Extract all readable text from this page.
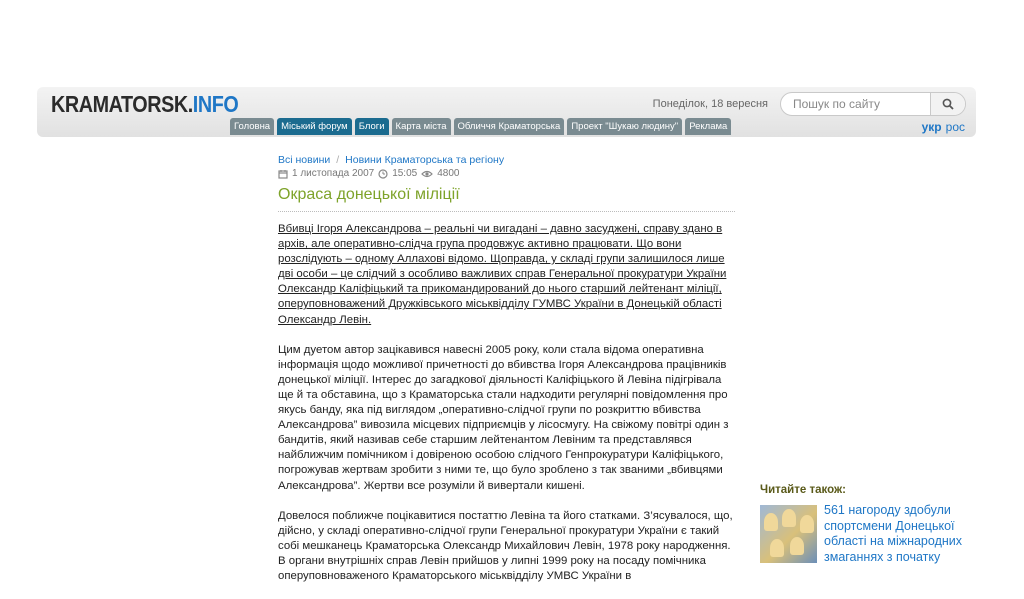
KRAMATORSK.INFO	Понеділок, 18 вересня
Пошук по сайту
Головна	Міський форум	Блоги	Карта міста	Обличчя Краматорська	Проект "Шукаю людину"	Реклама	укр рос
Всі новини / Новини Краматорська та регіону
1 листопада 2007 15:05 4800
Окраса донецької міліції

Вбивці Ігоря Александрова – реальні чи вигадані – давно засуджені, справу здано в архів, але оперативно-слідча група продовжує активно працювати. Що вони розслідують – одному Аллахові відомо. Щоправда, у складі групи залишилося лише дві особи – це слідчий з особливо важливих справ Генеральної прокуратури України Олександр Каліфіцький та прикомандирований до нього старший лейтенант міліції, оперуповноважений Дружківського міськвідділу ГУМВС України в Донецькій області Олександр Левін.

Цим дуетом автор зацікавився навесні 2005 року, коли стала відома оперативна інформація щодо можливої причетності до вбивства Ігоря Александрова працівників донецької міліції. Інтерес до загадкової діяльності Каліфіцького й Левіна підігрівала ще й та обставина, що з Краматорська стали надходити регулярні повідомлення про якусь банду, яка під виглядом „оперативно-слідчої групи по розкриттю вбивства Александрова” вивозила місцевих підприємців у лісосмугу. На свіжому повітрі один з бандитів, який називав себе старшим лейтенантом Левіним та представлявся найближчим помічником і довіреною особою слідчого Генпрокуратури Каліфіцького, погрожував жертвам зробити з ними те, що було зроблено з так званими „вбивцями Александрова”. Жертви все розуміли й вивертали кишені.

Довелося поближче поцікавитися постаттю Левіна та його статками. З’ясувалося, що, дійсно, у складі оперативно-слідчої групи Генеральної прокуратури України є такий собі мешканець Краматорська Олександр Михайлович Левін, 1978 року народження. В органи внутрішніх справ Левін прийшов у липні 1999 року на посаду помічника оперуповноваженого Краматорського міськвідділу УМВС України в

Читайте також:
561 нагороду здобули спортсмени Донецької області на міжнародних змаганнях з початку
